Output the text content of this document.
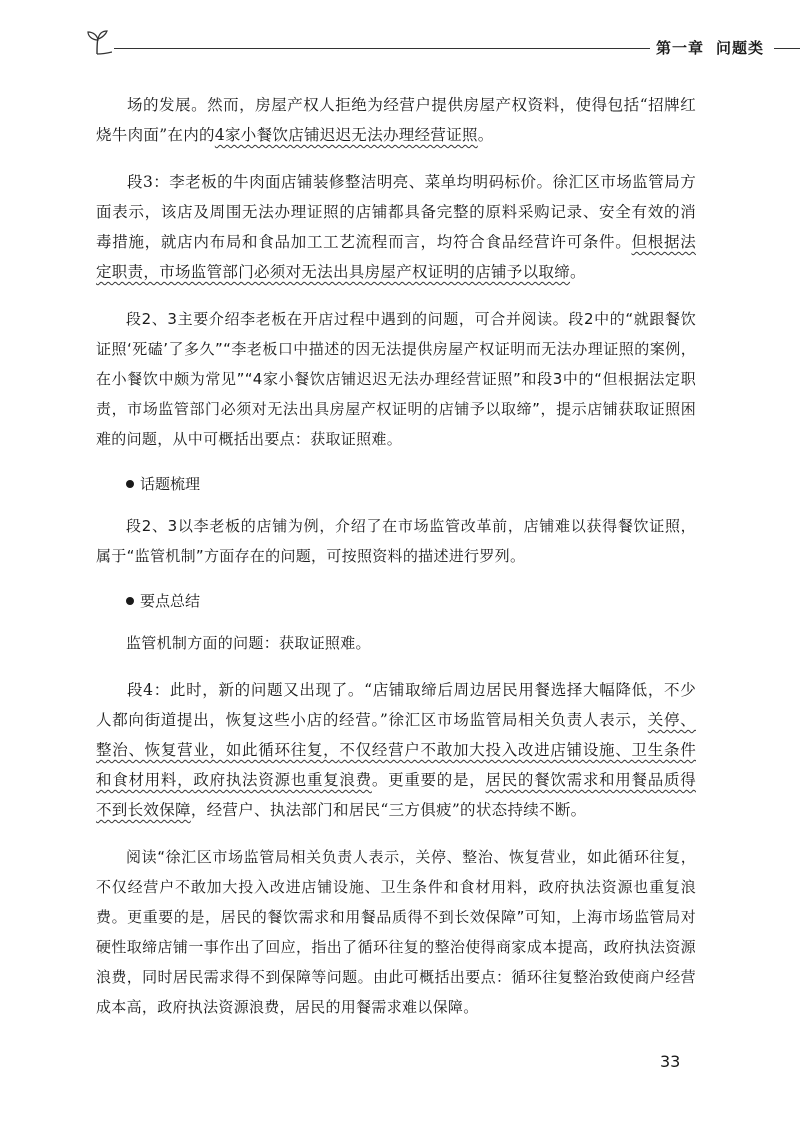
第一章 问题类

场的发展。然而，房屋产权人拒绝为经营户提供房屋产权资料，使得包括“招牌红烧牛肉面”在内的4家小餐饮店铺迟迟无法办理经营证照。

段3：李老板的牛肉面店铺装修整洁明亮、菜单均明码标价。徐汇区市场监管局方面表示，该店及周围无法办理证照的店铺都具备完整的原料采购记录、安全有效的消毒措施，就店内布局和食品加工工艺流程而言，均符合食品经营许可条件。但根据法定职责，市场监管部门必须对无法出具房屋产权证明的店铺予以取缔。

段2、3主要介绍李老板在开店过程中遇到的问题，可合并阅读。段2中的“就跟餐饮证照‘死磕’了多久”“李老板口中描述的因无法提供房屋产权证明而无法办理证照的案例，在小餐饮中颇为常见”“4家小餐饮店铺迟迟无法办理经营证照”和段3中的“但根据法定职责，市场监管部门必须对无法出具房屋产权证明的店铺予以取缔”，提示店铺获取证照困难的问题，从中可概括出要点：获取证照难。

话题梳理

段2、3以李老板的店铺为例，介绍了在市场监管改革前，店铺难以获得餐饮证照，属于“监管机制”方面存在的问题，可按照资料的描述进行罗列。

要点总结

监管机制方面的问题：获取证照难。

段4：此时，新的问题又出现了。“店铺取缔后周边居民用餐选择大幅降低，不少人都向街道提出，恢复这些小店的经营。”徐汇区市场监管局相关负责人表示，关停、整治、恢复营业，如此循环往复，不仅经营户不敢加大投入改进店铺设施、卫生条件和食材用料，政府执法资源也重复浪费。更重要的是，居民的餐饮需求和用餐品质得不到长效保障，经营户、执法部门和居民“三方俱疲”的状态持续不断。

阅读“徐汇区市场监管局相关负责人表示，关停、整治、恢复营业，如此循环往复，不仅经营户不敢加大投入改进店铺设施、卫生条件和食材用料，政府执法资源也重复浪费。更重要的是，居民的餐饮需求和用餐品质得不到长效保障”可知，上海市场监管局对硬性取缔店铺一事作出了回应，指出了循环往复的整治使得商家成本提高，政府执法资源浪费，同时居民需求得不到保障等问题。由此可概括出要点：循环往复整治致使商户经营成本高，政府执法资源浪费，居民的用餐需求难以保障。

33
